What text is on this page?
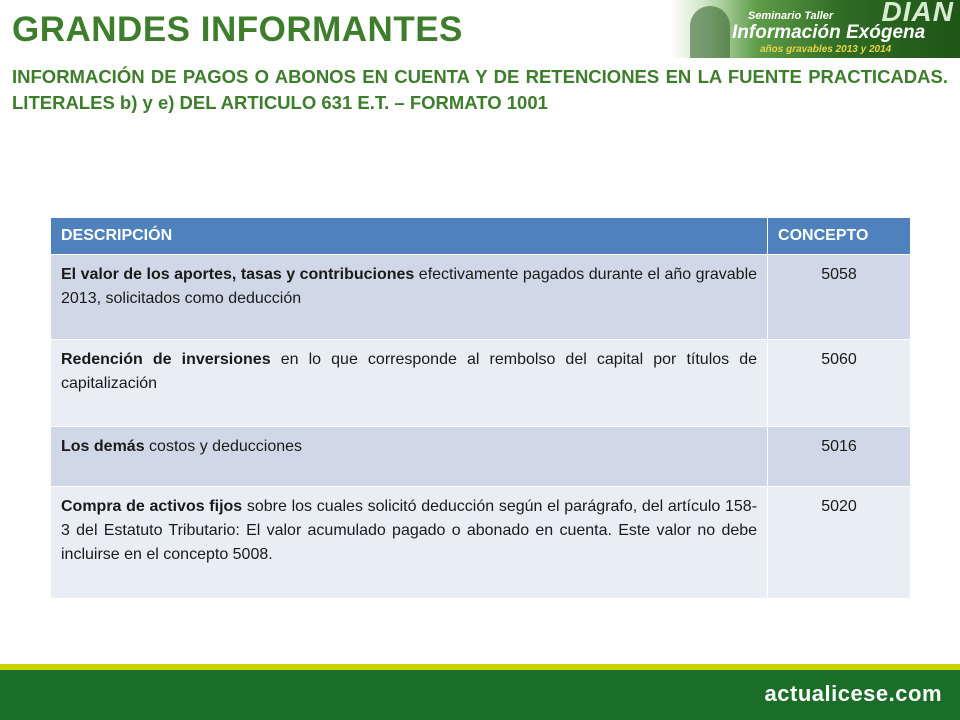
GRANDES INFORMANTES	DIAN
Seminario Taller
Información Exógena
años gravables 2013 y 2014
INFORMACIÓN DE PAGOS O ABONOS EN CUENTA Y DE RETENCIONES EN LA FUENTE PRACTICADAS. LITERALES b) y e) DEL ARTICULO 631 E.T. – FORMATO 1001
DESCRIPCIÓN	CONCEPTO
El valor de los aportes, tasas y contribuciones efectivamente pagados durante el año gravable 2013, solicitados como deducción	5058
Redención de inversiones en lo que corresponde al rembolso del capital por títulos de capitalización	5060
Los demás costos y deducciones	5016
Compra de activos fijos sobre los cuales solicitó deducción según el parágrafo, del artículo 158-3 del Estatuto Tributario: El valor acumulado pagado o abonado en cuenta. Este valor no debe incluirse en el concepto 5008.	5020
actualicese.com
